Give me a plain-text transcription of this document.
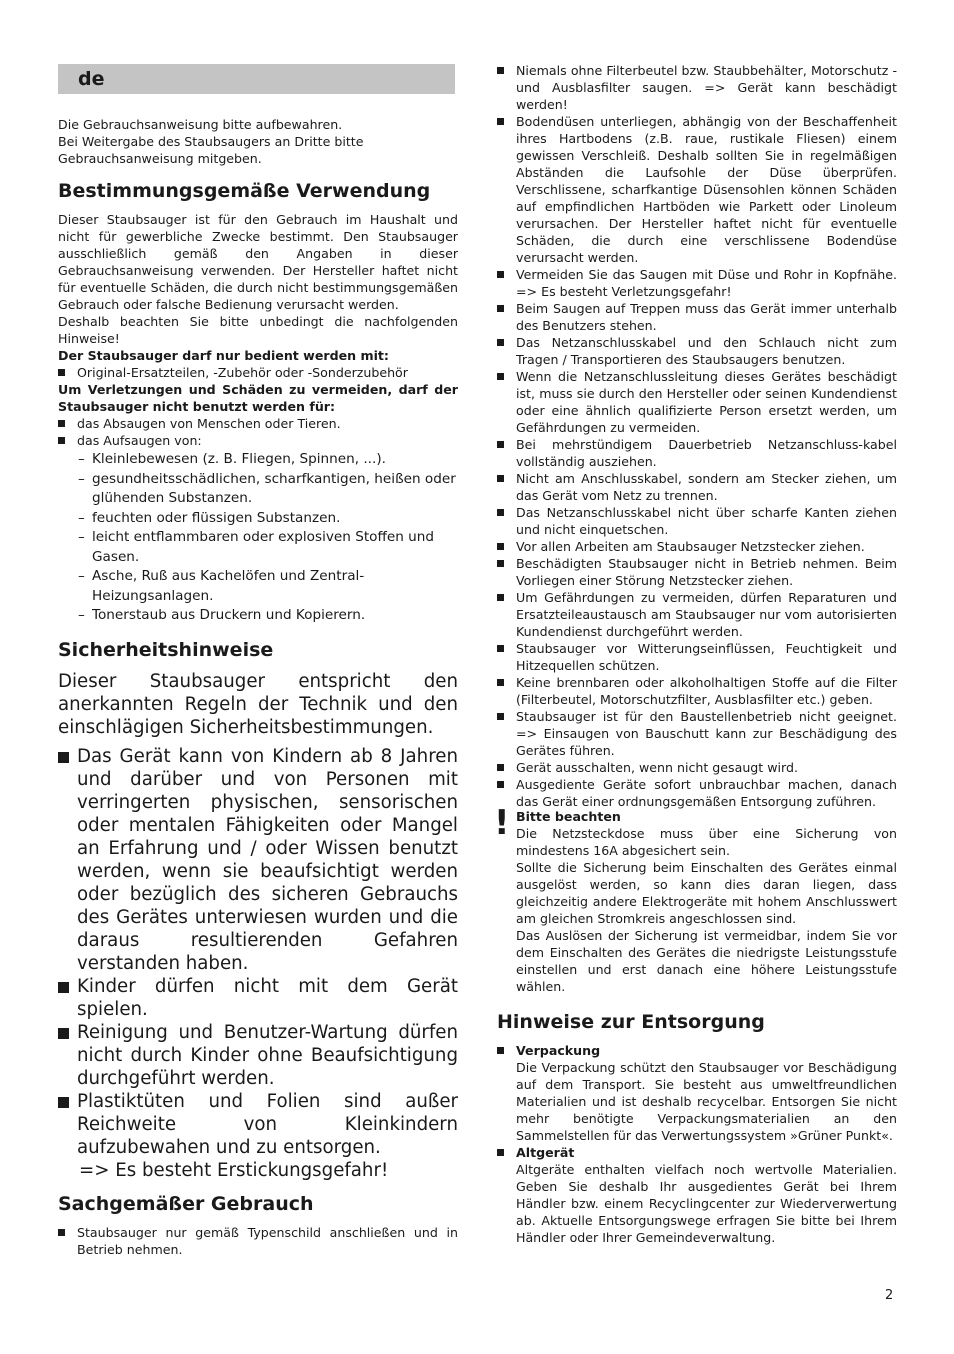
de

Die Gebrauchsanweisung bitte aufbewahren.

Bei Weitergabe des Staubsaugers an Dritte bitte Gebrauchsanweisung mitgeben.

Bestimmungsgemäße Verwendung

Dieser Staubsauger ist für den Gebrauch im Haushalt und nicht für gewerbliche Zwecke bestimmt. Den Staubsauger ausschließlich gemäß den Angaben in dieser Gebrauchsanweisung verwenden. Der Hersteller haftet nicht für eventuelle Schäden, die durch nicht bestimmungsgemäßen Gebrauch oder falsche Bedienung verursacht werden.

Deshalb beachten Sie bitte unbedingt die nachfolgenden Hinweise!

Der Staubsauger darf nur bedient werden mit:

Original-Ersatzteilen, -Zubehör oder -Sonderzubehör

Um Verletzungen und Schäden zu vermeiden, darf der Staubsauger nicht benutzt werden für:

das Absaugen von Menschen oder Tieren.

das Aufsaugen von:

– Kleinlebewesen (z. B. Fliegen, Spinnen, ...).

– gesundheitsschädlichen, scharfkantigen, heißen oder glühenden Substanzen.

– feuchten oder flüssigen Substanzen.

– leicht entflammbaren oder explosiven Stoffen und Gasen.

– Asche, Ruß aus Kachelöfen und Zentral- Heizungsanlagen.

– Tonerstaub aus Druckern und Kopierern.

Sicherheitshinweise

Dieser Staubsauger entspricht den anerkannten Regeln der Technik und den einschlägigen Sicherheitsbestimmungen.

Das Gerät kann von Kindern ab 8 Jahren und darüber und von Personen mit verringerten physischen, sensorischen oder mentalen Fähigkeiten oder Mangel an Erfahrung und / oder Wissen benutzt werden, wenn sie beaufsichtigt werden oder bezüglich des sicheren Gebrauchs des Gerätes unterwiesen wurden und die daraus resultierenden Gefahren verstanden haben.

Kinder dürfen nicht mit dem Gerät spielen.

Reinigung und Benutzer-Wartung dürfen nicht durch Kinder ohne Beaufsichtigung durchgeführt werden.

Plastiktüten und Folien sind außer Reichweite von Kleinkindern aufzubewahen und zu entsorgen.

=> Es besteht Erstickungsgefahr!

Sachgemäßer Gebrauch

Staubsauger nur gemäß Typenschild anschließen und in Betrieb nehmen.

Niemals ohne Filterbeutel bzw. Staubbehälter, Motorschutz - und Ausblasfilter saugen. => Gerät kann beschädigt werden!

Bodendüsen unterliegen, abhängig von der Beschaffenheit ihres Hartbodens (z.B. raue, rustikale Fliesen) einem gewissen Verschleiß. Deshalb sollten Sie in regelmäßigen Abständen die Laufsohle der Düse überprüfen. Verschlissene, scharfkantige Düsensohlen können Schäden auf empfindlichen Hartböden wie Parkett oder Linoleum verursachen. Der Hersteller haftet nicht für eventuelle Schäden, die durch eine verschlissene Bodendüse verursacht werden.

Vermeiden Sie das Saugen mit Düse und Rohr in Kopfnähe. => Es besteht Verletzungsgefahr!

Beim Saugen auf Treppen muss das Gerät immer unterhalb des Benutzers stehen.

Das Netzanschlusskabel und den Schlauch nicht zum Tragen / Transportieren des Staubsaugers benutzen.

Wenn die Netzanschlussleitung dieses Gerätes beschädigt ist, muss sie durch den Hersteller oder seinen Kundendienst oder eine ähnlich qualifizierte Person ersetzt werden, um Gefährdungen zu vermeiden.

Bei mehrstündigem Dauerbetrieb Netzanschluss-kabel vollständig ausziehen.

Nicht am Anschlusskabel, sondern am Stecker ziehen, um das Gerät vom Netz zu trennen.

Das Netzanschlusskabel nicht über scharfe Kanten ziehen und nicht einquetschen.

Vor allen Arbeiten am Staubsauger Netzstecker ziehen.

Beschädigten Staubsauger nicht in Betrieb nehmen. Beim Vorliegen einer Störung Netzstecker ziehen.

Um Gefährdungen zu vermeiden, dürfen Reparaturen und Ersatzteileaustausch am Staubsauger nur vom autorisierten Kundendienst durchgeführt werden.

Staubsauger vor Witterungseinflüssen, Feuchtigkeit und Hitzequellen schützen.

Keine brennbaren oder alkoholhaltigen Stoffe auf die Filter (Filterbeutel, Motorschutzfilter, Ausblasfilter etc.) geben.

Staubsauger ist für den Baustellenbetrieb nicht geeignet. => Einsaugen von Bauschutt kann zur Beschädigung des Gerätes führen.

Gerät ausschalten, wenn nicht gesaugt wird.

Ausgediente Geräte sofort unbrauchbar machen, danach das Gerät einer ordnungsgemäßen Entsorgung zuführen.

! Bitte beachten

Die Netzsteckdose muss über eine Sicherung von mindestens 16A abgesichert sein.

Sollte die Sicherung beim Einschalten des Gerätes einmal ausgelöst werden, so kann dies daran liegen, dass gleichzeitig andere Elektrogeräte mit hohem Anschlusswert am gleichen Stromkreis angeschlossen sind.

Das Auslösen der Sicherung ist vermeidbar, indem Sie vor dem Einschalten des Gerätes die niedrigste Leistungsstufe einstellen und erst danach eine höhere Leistungsstufe wählen.

Hinweise zur Entsorgung

Verpackung

Die Verpackung schützt den Staubsauger vor Beschädigung auf dem Transport. Sie besteht aus umweltfreundlichen Materialien und ist deshalb recycelbar. Entsorgen Sie nicht mehr benötigte Verpackungsmaterialien an den Sammelstellen für das Verwertungssystem »Grüner Punkt«.

Altgerät

Altgeräte enthalten vielfach noch wertvolle Materialien. Geben Sie deshalb Ihr ausgedientes Gerät bei Ihrem Händler bzw. einem Recyclingcenter zur Wiederverwertung ab. Aktuelle Entsorgungswege erfragen Sie bitte bei Ihrem Händler oder Ihrer Gemeindeverwaltung.

2
